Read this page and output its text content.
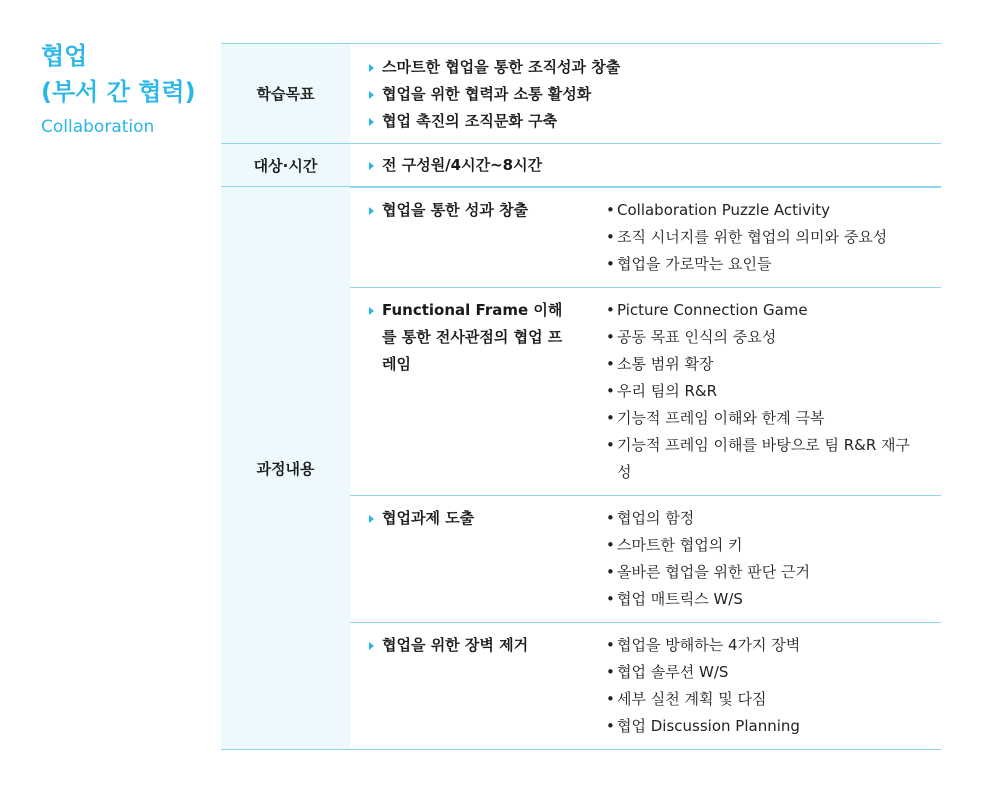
협업
(부서 간 협력)
Collaboration
학습목표	
스마트한 협업을 통한 조직성과 창출
협업을 위한 협력과 소통 활성화
협업 촉진의 조직문화 구축

대상·시간	전 구성원/4시간~8시간

과정내용	
협업을 통한 성과 창출

•Collaboration Puzzle Activity
• 조직 시너지를 위한 협업의 의미와 중요성
• 협업을 가로막는 요인들

Functional Frame 이해를 통한 전사관점의 협업 프레임

• Picture Connection Game
• 공동 목표 인식의 중요성
• 소통 범위 확장
• 우리 팀의 R&R
• 기능적 프레임 이해와 한계 극복
• 기능적 프레임 이해를 바탕으로 팀 R&R 재구성

협업과제 도출

•협업의 함정
• 스마트한 협업의 키
• 올바른 협업을 위한 판단 근거
• 협업 매트릭스 W/S

협업을 위한 장벽 제거

•협업을 방해하는 4가지 장벽
• 협업 솔루션 W/S
• 세부 실천 계획 및 다짐
• 협업 Discussion Planning
